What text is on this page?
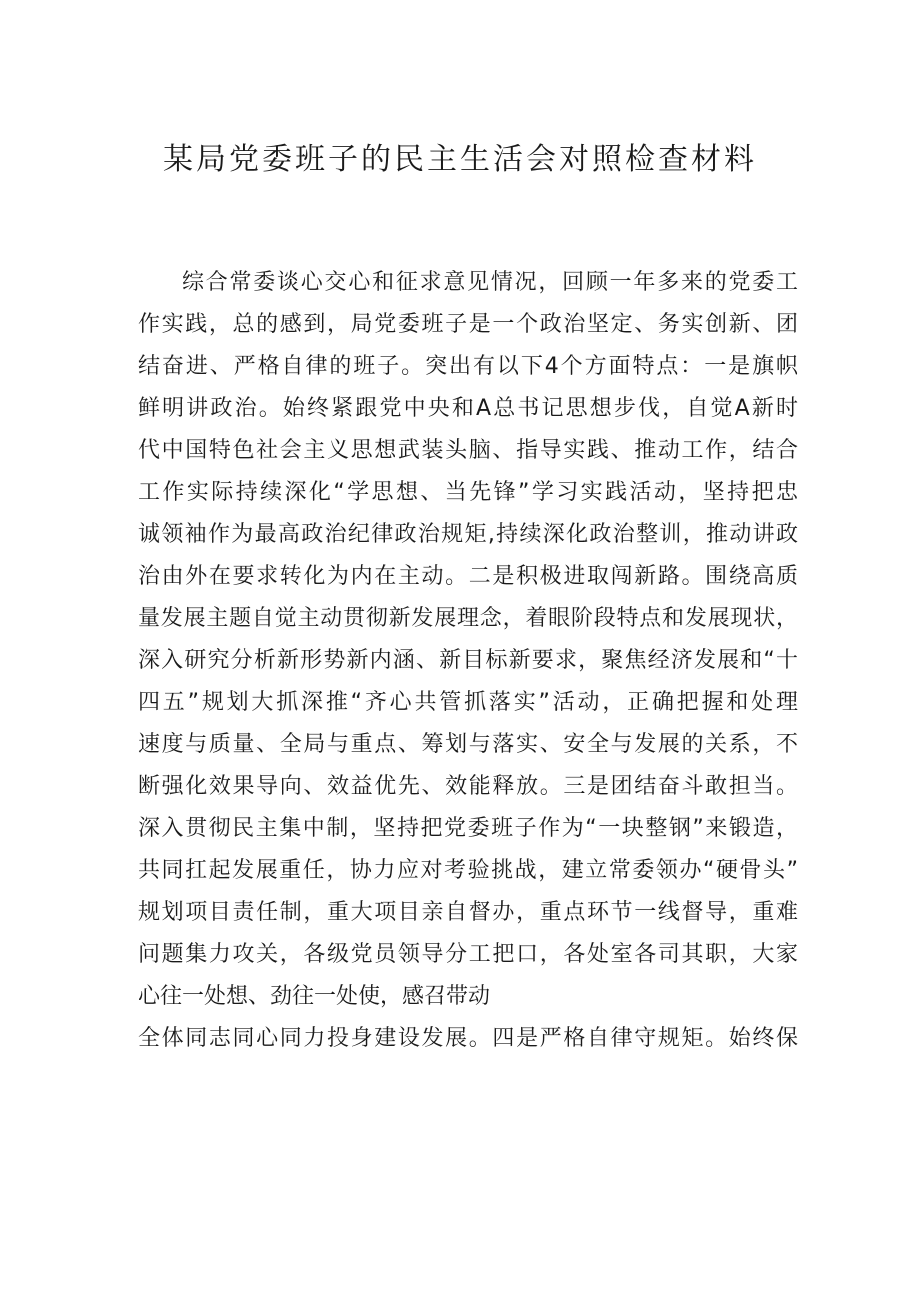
某局党委班子的民主生活会对照检查材料
综合常委谈心交心和征求意见情况，回顾一年多来的党委工
作实践，总的感到，局党委班子是一个政治坚定、务实创新、团
结奋进、严格自律的班子。突出有以下4个方面特点：一是旗帜
鲜明讲政治。始终紧跟党中央和A总书记思想步伐，自觉A新时
代中国特色社会主义思想武装头脑、指导实践、推动工作，结合
工作实际持续深化“学思想、当先锋”学习实践活动，坚持把忠
诚领袖作为最高政治纪律政治规矩,持续深化政治整训，推动讲政
治由外在要求转化为内在主动。二是积极进取闯新路。围绕高质
量发展主题自觉主动贯彻新发展理念，着眼阶段特点和发展现状，
深入研究分析新形势新内涵、新目标新要求，聚焦经济发展和“十
四五”规划大抓深推“齐心共管抓落实”活动，正确把握和处理
速度与质量、全局与重点、筹划与落实、安全与发展的关系，不
断强化效果导向、效益优先、效能释放。三是团结奋斗敢担当。
深入贯彻民主集中制，坚持把党委班子作为“一块整钢”来锻造，
共同扛起发展重任，协力应对考验挑战，建立常委领办“硬骨头”
规划项目责任制，重大项目亲自督办，重点环节一线督导，重难
问题集力攻关，各级党员领导分工把口，各处室各司其职，大家
心往一处想、劲往一处使，感召带动
全体同志同心同力投身建设发展。四是严格自律守规矩。始终保
